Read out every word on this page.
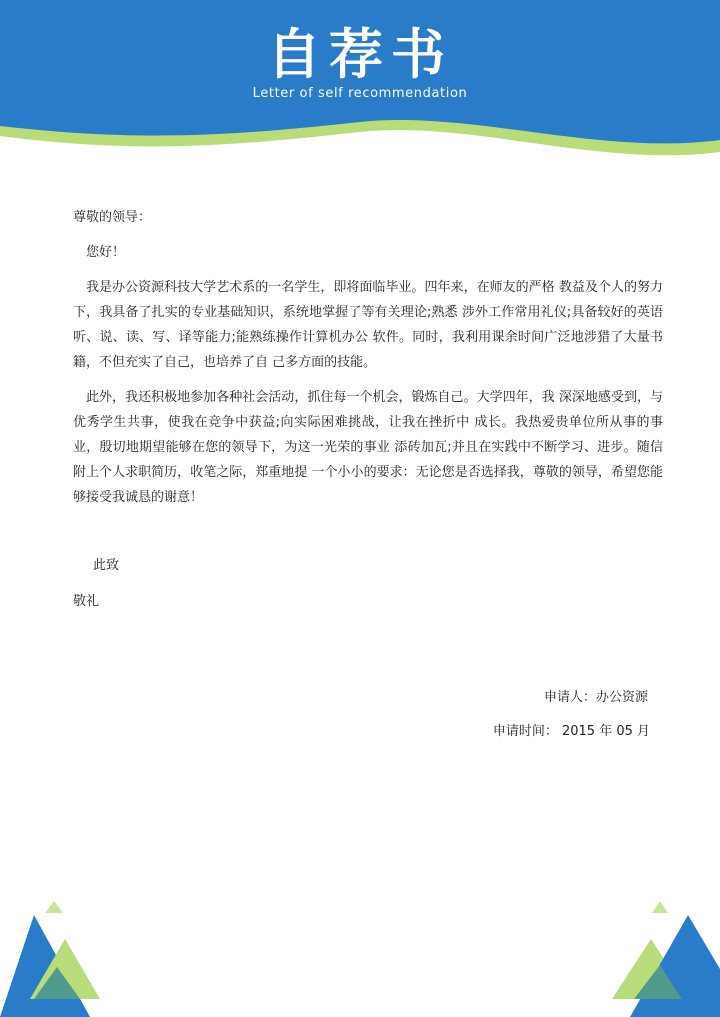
自荐书
Letter of self recommendation

尊敬的领导：

您好！

我是办公资源科技大学艺术系的一名学生，即将面临毕业。四年来，在师友的严格 教益及个人的努力下，我具备了扎实的专业基础知识，系统地掌握了等有关理论;熟悉 涉外工作常用礼仪;具备较好的英语听、说、读、写、译等能力;能熟练操作计算机办公 软件。同时，我利用课余时间广泛地涉猎了大量书籍，不但充实了自己，也培养了自 己多方面的技能。

此外，我还积极地参加各种社会活动，抓住每一个机会，锻炼自己。大学四年，我 深深地感受到，与优秀学生共事，使我在竞争中获益;向实际困难挑战，让我在挫折中 成长。我热爱贵单位所从事的事业，殷切地期望能够在您的领导下，为这一光荣的事业 添砖加瓦;并且在实践中不断学习、进步。随信附上个人求职简历，收笔之际，郑重地提 一个小小的要求：无论您是否选择我，尊敬的领导，希望您能够接受我诚恳的谢意！

此致
敬礼
申请人：办公资源
申请时间： 2015 年 05 月
